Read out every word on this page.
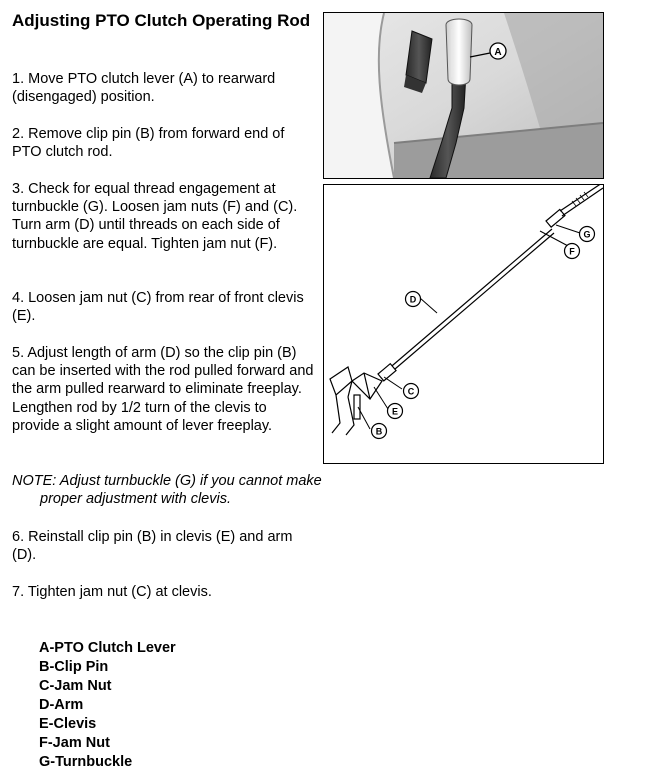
Adjusting PTO Clutch Operating Rod

1. Move PTO clutch lever (A) to rearward (disengaged) position.

2. Remove clip pin (B) from forward end of PTO clutch rod.

3. Check for equal thread engagement at turnbuckle (G). Loosen jam nuts (F) and (C). Turn arm (D) until threads on each side of turnbuckle are equal. Tighten jam nut (F).

4. Loosen jam nut (C) from rear of front clevis (E).

5. Adjust length of arm (D) so the clip pin (B) can be inserted with the rod pulled forward and the arm pulled rearward to eliminate freeplay. Lengthen rod by 1/2 turn of the clevis to provide a slight amount of lever freeplay.

NOTE: Adjust turnbuckle (G) if you cannot make proper adjustment with clevis.

6. Reinstall clip pin (B) in clevis (E) and arm (D).

7. Tighten jam nut (C) at clevis.

A-PTO Clutch Lever
B-Clip Pin
C-Jam Nut
D-Arm
E-Clevis
F-Jam Nut
G-Turnbuckle
A
G
F
D
C
E
B
